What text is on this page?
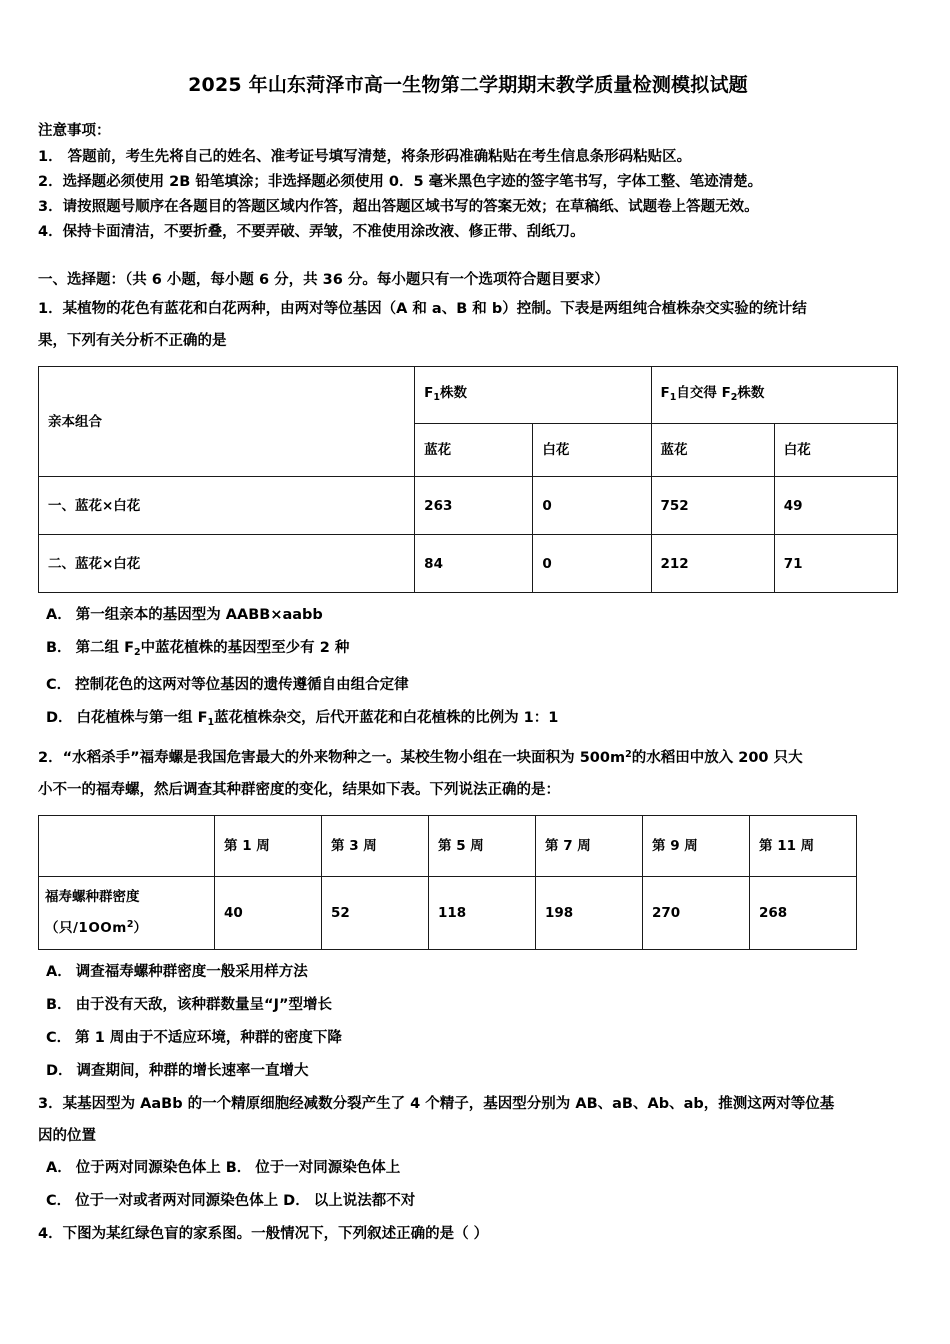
2025 年山东菏泽市高一生物第二学期期末教学质量检测模拟试题
注意事项：
1． 答题前，考生先将自己的姓名、准考证号填写清楚，将条形码准确粘贴在考生信息条形码粘贴区。
2．选择题必须使用 2B 铅笔填涂；非选择题必须使用 0．5 毫米黑色字迹的签字笔书写，字体工整、笔迹清楚。
3．请按照题号顺序在各题目的答题区域内作答，超出答题区域书写的答案无效；在草稿纸、试题卷上答题无效。
4．保持卡面清洁，不要折叠，不要弄破、弄皱，不准使用涂改液、修正带、刮纸刀。
一、选择题：（共 6 小题，每小题 6 分，共 36 分。每小题只有一个选项符合题目要求）

1．某植物的花色有蓝花和白花两种，由两对等位基因（A 和 a、B 和 b）控制。下表是两组纯合植株杂交实验的统计结

果，下列有关分析不正确的是

亲本组合	$F_1$株数		$F_1$自交得 $F_2$株数	
	蓝花	白花	蓝花	白花
一、蓝花×白花	263	0	752	49
二、蓝花×白花	84	0	212	71

A． 第一组亲本的基因型为 AABB×aabb

B． 第二组 $F_2$中蓝花植株的基因型至少有 2 种

C． 控制花色的这两对等位基因的遗传遵循自由组合定律

D． 白花植株与第一组 $F_1$蓝花植株杂交，后代开蓝花和白花植株的比例为 1：1

2．“水稻杀手”福寿螺是我国危害最大的外来物种之一。某校生物小组在一块面积为 $500m^2$的水稻田中放入 200 只大

小不一的福寿螺，然后调查其种群密度的变化，结果如下表。下列说法正确的是：

	第 1 周	第 3 周	第 5 周	第 7 周	第 9 周	第 11 周
福寿螺种群密度
（只/1OOm$^2$）	40	52	118	198	270	268

A． 调查福寿螺种群密度一般采用样方法

B． 由于没有天敌，该种群数量呈“J”型增长

C． 第 1 周由于不适应环境，种群的密度下降

D． 调查期间，种群的增长速率一直增大

3．某基因型为 AaBb 的一个精原细胞经减数分裂产生了 4 个精子，基因型分别为 AB、aB、Ab、ab，推测这两对等位基

因的位置

A． 位于两对同源染色体上 B． 位于一对同源染色体上

C． 位于一对或者两对同源染色体上 D． 以上说法都不对

4．下图为某红绿色盲的家系图。一般情况下，下列叙述正确的是（ ）
